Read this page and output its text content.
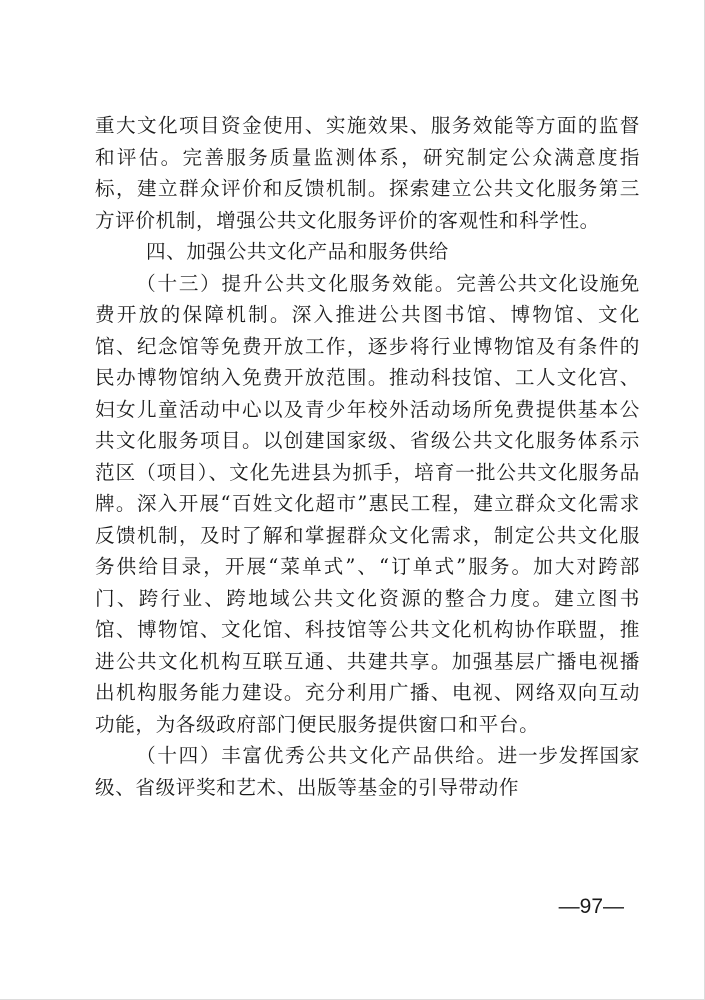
重大文化项目资金使用、实施效果、服务效能等方面的监督和评估。完善服务质量监测体系，研究制定公众满意度指标，建立群众评价和反馈机制。探索建立公共文化服务第三方评价机制，增强公共文化服务评价的客观性和科学性。

四、加强公共文化产品和服务供给

（十三）提升公共文化服务效能。完善公共文化设施免费开放的保障机制。深入推进公共图书馆、博物馆、文化馆、纪念馆等免费开放工作，逐步将行业博物馆及有条件的民办博物馆纳入免费开放范围。推动科技馆、工人文化宫、妇女儿童活动中心以及青少年校外活动场所免费提供基本公共文化服务项目。以创建国家级、省级公共文化服务体系示范区（项目）、文化先进县为抓手，培育一批公共文化服务品牌。深入开展“百姓文化超市”惠民工程，建立群众文化需求反馈机制，及时了解和掌握群众文化需求，制定公共文化服务供给目录，开展“菜单式”、“订单式”服务。加大对跨部门、跨行业、跨地域公共文化资源的整合力度。建立图书馆、博物馆、文化馆、科技馆等公共文化机构协作联盟，推进公共文化机构互联互通、共建共享。加强基层广播电视播出机构服务能力建设。充分利用广播、电视、网络双向互动功能，为各级政府部门便民服务提供窗口和平台。

（十四）丰富优秀公共文化产品供给。进一步发挥国家级、省级评奖和艺术、出版等基金的引导带动作

—97—
